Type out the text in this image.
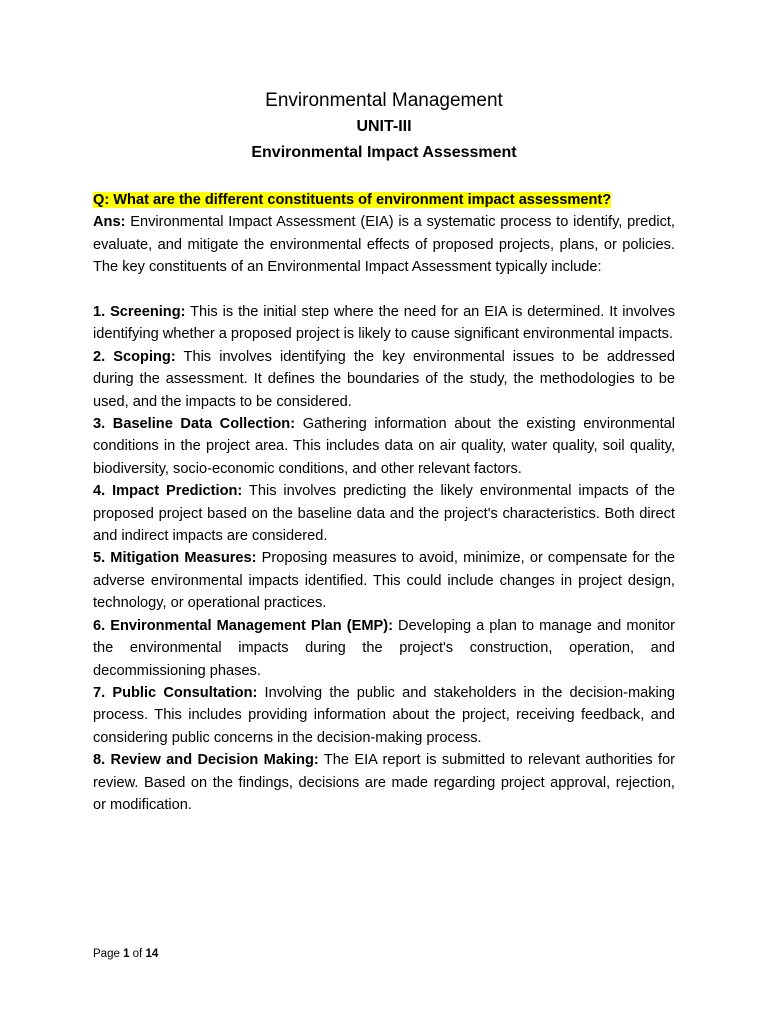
Environmental Management
UNIT-III
Environmental Impact Assessment

Q: What are the different constituents of environment impact assessment?

Ans: Environmental Impact Assessment (EIA) is a systematic process to identify, predict, evaluate, and mitigate the environmental effects of proposed projects, plans, or policies. The key constituents of an Environmental Impact Assessment typically include:

1. Screening: This is the initial step where the need for an EIA is determined. It involves identifying whether a proposed project is likely to cause significant environmental impacts.

2. Scoping: This involves identifying the key environmental issues to be addressed during the assessment. It defines the boundaries of the study, the methodologies to be used, and the impacts to be considered.

3. Baseline Data Collection: Gathering information about the existing environmental conditions in the project area. This includes data on air quality, water quality, soil quality, biodiversity, socio-economic conditions, and other relevant factors.

4. Impact Prediction: This involves predicting the likely environmental impacts of the proposed project based on the baseline data and the project's characteristics. Both direct and indirect impacts are considered.

5. Mitigation Measures: Proposing measures to avoid, minimize, or compensate for the adverse environmental impacts identified. This could include changes in project design, technology, or operational practices.

6. Environmental Management Plan (EMP): Developing a plan to manage and monitor the environmental impacts during the project's construction, operation, and decommissioning phases.

7. Public Consultation: Involving the public and stakeholders in the decision-making process. This includes providing information about the project, receiving feedback, and considering public concerns in the decision-making process.

8. Review and Decision Making: The EIA report is submitted to relevant authorities for review. Based on the findings, decisions are made regarding project approval, rejection, or modification.

Page 1 of 14
